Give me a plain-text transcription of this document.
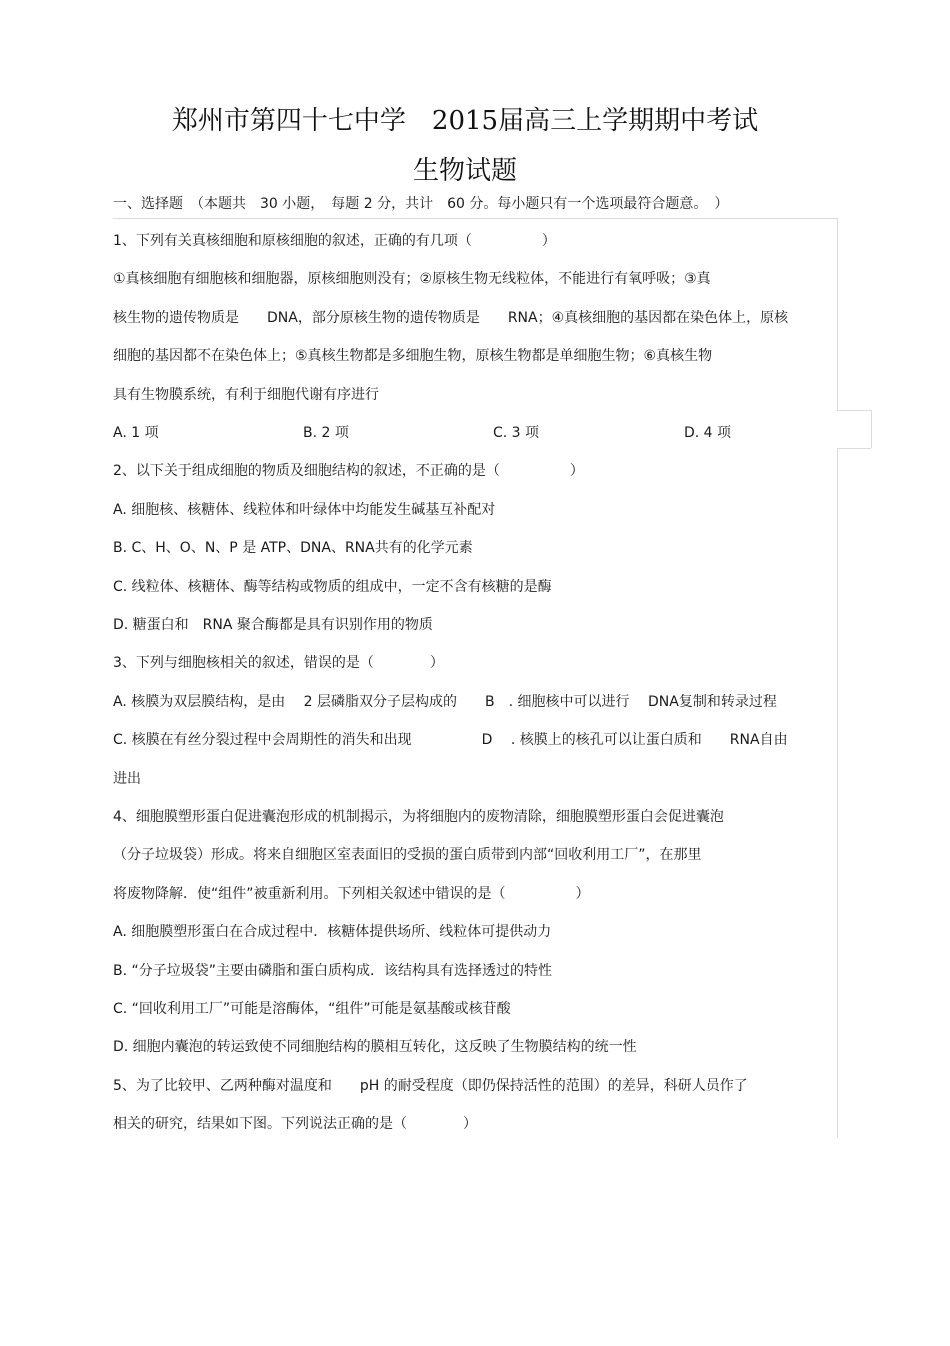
郑州市第四十七中学　2015届高三上学期期中考试
生物试题
一、选择题　（本题共　30 小题，　每题 2 分，共计　60 分。每小题只有一个选项最符合题意。　）
1、下列有关真核细胞和原核细胞的叙述，正确的有几项（　　　　　）
①真核细胞有细胞核和细胞器，原核细胞则没有；②原核生物无线粒体，不能进行有氧呼吸；③真
核生物的遗传物质是　　DNA，部分原核生物的遗传物质是　　RNA；④真核细胞的基因都在染色体上，原核
细胞的基因都不在染色体上；⑤真核生物都是多细胞生物，原核生物都是单细胞生物；⑥真核生物
具有生物膜系统，有利于细胞代谢有序进行
A. 1 项	B. 2 项	C. 3 项	D. 4 项
2、以下关于组成细胞的物质及细胞结构的叙述，不正确的是（　　　　　）
A. 细胞核、核糖体、线粒体和叶绿体中均能发生碱基互补配对
B. C、H、O、N、P 是 ATP、DNA、RNA共有的化学元素
C. 线粒体、核糖体、酶等结构或物质的组成中，一定不含有核糖的是酶
D. 糖蛋白和　RNA 聚合酶都是具有识别作用的物质
3、下列与细胞核相关的叙述，错误的是（　　　　）
A. 核膜为双层膜结构，是由　 2 层磷脂双分子层构成的　　B　. 细胞核中可以进行　 DNA复制和转录过程
C. 核膜在有丝分裂过程中会周期性的消失和出现　　　　　D　 . 核膜上的核孔可以让蛋白质和　　RNA自由
进出
4、细胞膜塑形蛋白促进囊泡形成的机制揭示，为将细胞内的废物清除，细胞膜塑形蛋白会促进囊泡
（分子垃圾袋）形成。将来自细胞区室表面旧的受损的蛋白质带到内部“回收利用工厂”，在那里
将废物降解．使“组件”被重新利用。下列相关叙述中错误的是（　　　　　）
A. 细胞膜塑形蛋白在合成过程中．核糖体提供场所、线粒体可提供动力
B. “分子垃圾袋”主要由磷脂和蛋白质构成．该结构具有选择透过的特性
C. “回收利用工厂”可能是溶酶体，“组件”可能是氨基酸或核苷酸
D. 细胞内囊泡的转运致使不同细胞结构的膜相互转化，这反映了生物膜结构的统一性
5、为了比较甲、乙两种酶对温度和　　pH 的耐受程度（即仍保持活性的范围）的差异，科研人员作了
相关的研究，结果如下图。下列说法正确的是（　　　　）
